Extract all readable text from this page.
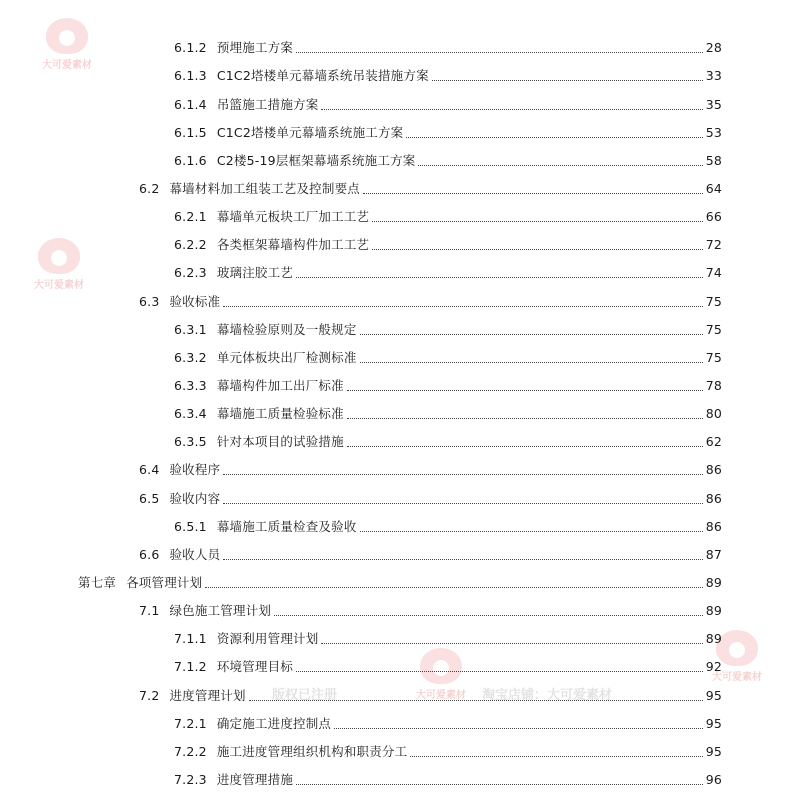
大可爱素材
大可爱素材
大可爱素材
大可爱素材
版权已注册	淘宝店铺：大可爱素材
6.1.2 预埋施工方案	28
6.1.3 C1C2塔楼单元幕墙系统吊装措施方案	33
6.1.4 吊篮施工措施方案	35
6.1.5 C1C2塔楼单元幕墙系统施工方案	53
6.1.6 C2楼5-19层框架幕墙系统施工方案	58
6.2 幕墙材料加工组装工艺及控制要点	64
6.2.1 幕墙单元板块工厂加工工艺	66
6.2.2 各类框架幕墙构件加工工艺	72
6.2.3 玻璃注胶工艺	74
6.3 验收标准	75
6.3.1 幕墙检验原则及一般规定	75
6.3.2 单元体板块出厂检测标准	75
6.3.3 幕墙构件加工出厂标准	78
6.3.4 幕墙施工质量检验标准	80
6.3.5 针对本项目的试验措施	62
6.4 验收程序	86
6.5 验收内容	86
6.5.1 幕墙施工质量检查及验收	86
6.6 验收人员	87
第七章 各项管理计划	89
7.1 绿色施工管理计划	89
7.1.1 资源利用管理计划	89
7.1.2 环境管理目标	92
7.2 进度管理计划	95
7.2.1 确定施工进度控制点	95
7.2.2 施工进度管理组织机构和职责分工	95
7.2.3 进度管理措施	96
